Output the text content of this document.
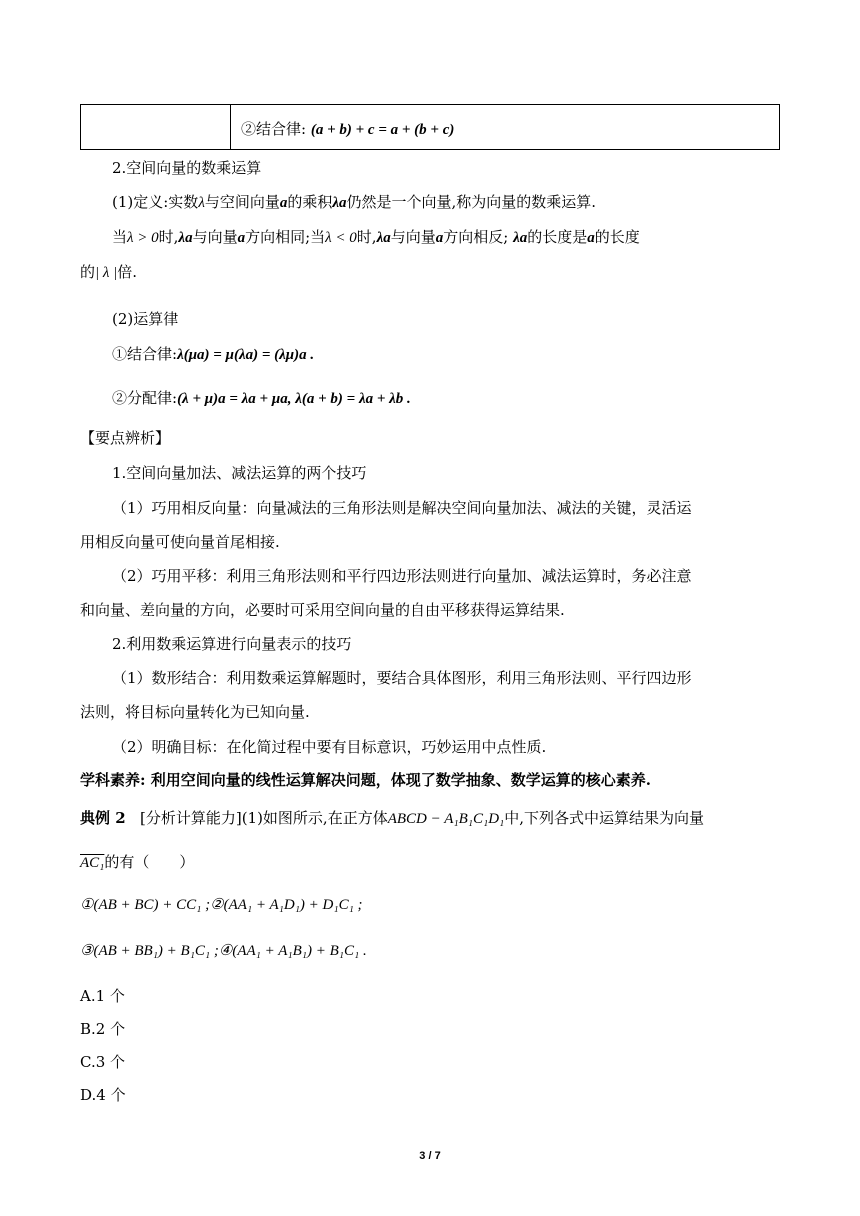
②结合律: (a + b) + c = a + (b + c)
2.空间向量的数乘运算
(1)定义:实数λ与空间向量a的乘积λa仍然是一个向量,称为向量的数乘运算.
当λ > 0时,λa与向量a方向相同;当λ < 0时,λa与向量a方向相反; λa的长度是a的长度
的| λ |倍.
(2)运算律
①结合律:λ(μa) = μ(λa) = (λμ)a .
②分配律:(λ + μ)a = λa + μa, λ(a + b) = λa + λb .
【要点辨析】
1.空间向量加法、减法运算的两个技巧
（1）巧用相反向量：向量减法的三角形法则是解决空间向量加法、减法的关键，灵活运
用相反向量可使向量首尾相接.
（2）巧用平移：利用三角形法则和平行四边形法则进行向量加、减法运算时，务必注意
和向量、差向量的方向，必要时可采用空间向量的自由平移获得运算结果.
2.利用数乘运算进行向量表示的技巧
（1）数形结合：利用数乘运算解题时，要结合具体图形，利用三角形法则、平行四边形
法则，将目标向量转化为已知向量.
（2）明确目标：在化简过程中要有目标意识，巧妙运用中点性质.
学科素养: 利用空间向量的线性运算解决问题，体现了数学抽象、数学运算的核心素养.
典例 2 [分析计算能力](1)如图所示,在正方体ABCD − A₁B₁C₁D₁中,下列各式中运算结果为向量
AC₁的有（　　）
①(AB + BC) + CC₁ ;②(AA₁ + A₁D₁) + D₁C₁ ;
③(AB + BB₁) + B₁C₁ ;④(AA₁ + A₁B₁) + B₁C₁ .
A.1 个
B.2 个
C.3 个
D.4 个
3 / 7
